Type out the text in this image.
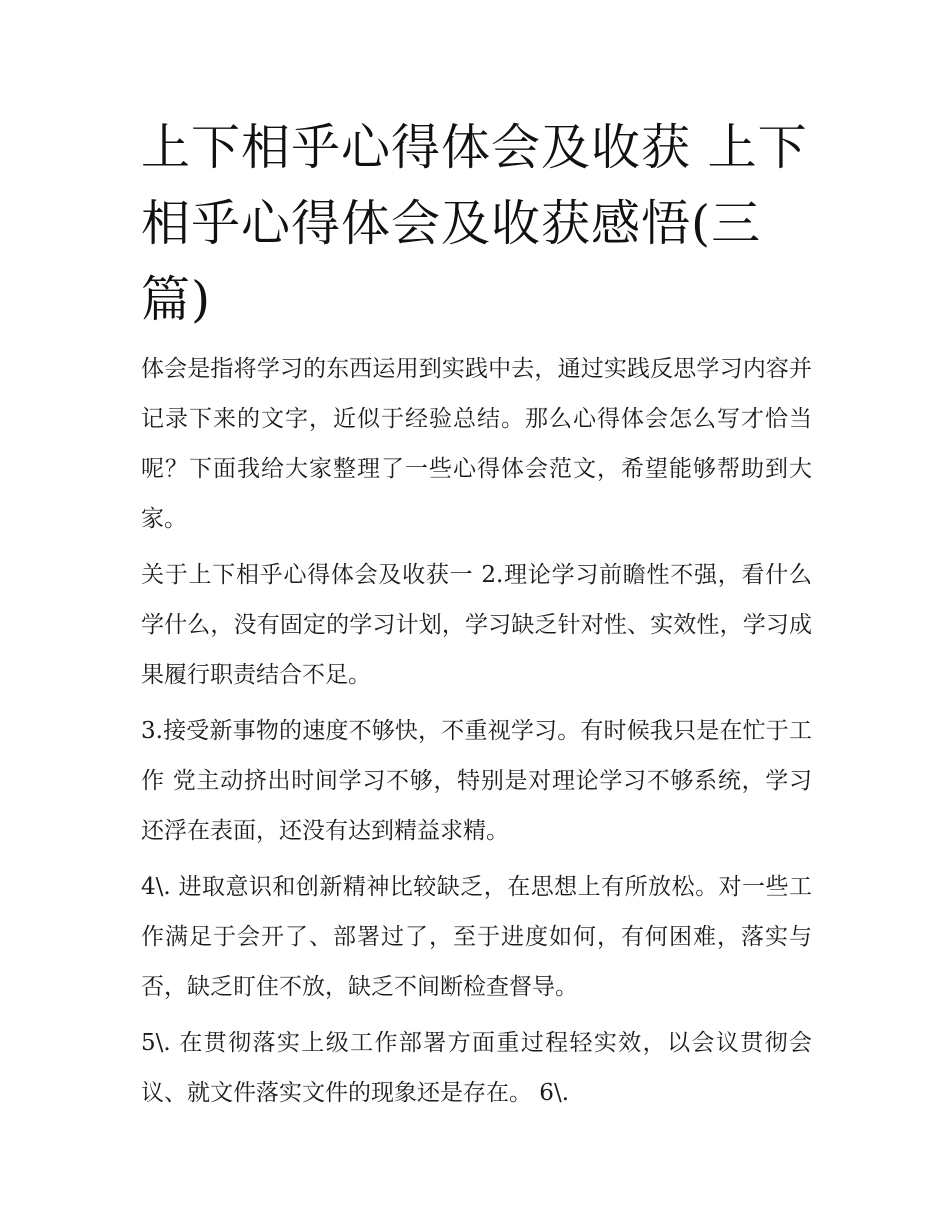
上下相乎心得体会及收获 上下相乎心得体会及收获感悟(三篇)

体会是指将学习的东西运用到实践中去，通过实践反思学习内容并记录下来的文字，近似于经验总结。那么心得体会怎么写才恰当呢？下面我给大家整理了一些心得体会范文，希望能够帮助到大家。

关于上下相乎心得体会及收获一 2.理论学习前瞻性不强，看什么学什么，没有固定的学习计划，学习缺乏针对性、实效性，学习成果履行职责结合不足。

3.接受新事物的速度不够快，不重视学习。有时候我只是在忙于工作 党主动挤出时间学习不够，特别是对理论学习不够系统，学习还浮在表面，还没有达到精益求精。

4\. 进取意识和创新精神比较缺乏，在思想上有所放松。对一些工作满足于会开了、部署过了，至于进度如何，有何困难，落实与否，缺乏盯住不放，缺乏不间断检查督导。

5\. 在贯彻落实上级工作部署方面重过程轻实效，以会议贯彻会议、就文件落实文件的现象还是存在。 6\.
